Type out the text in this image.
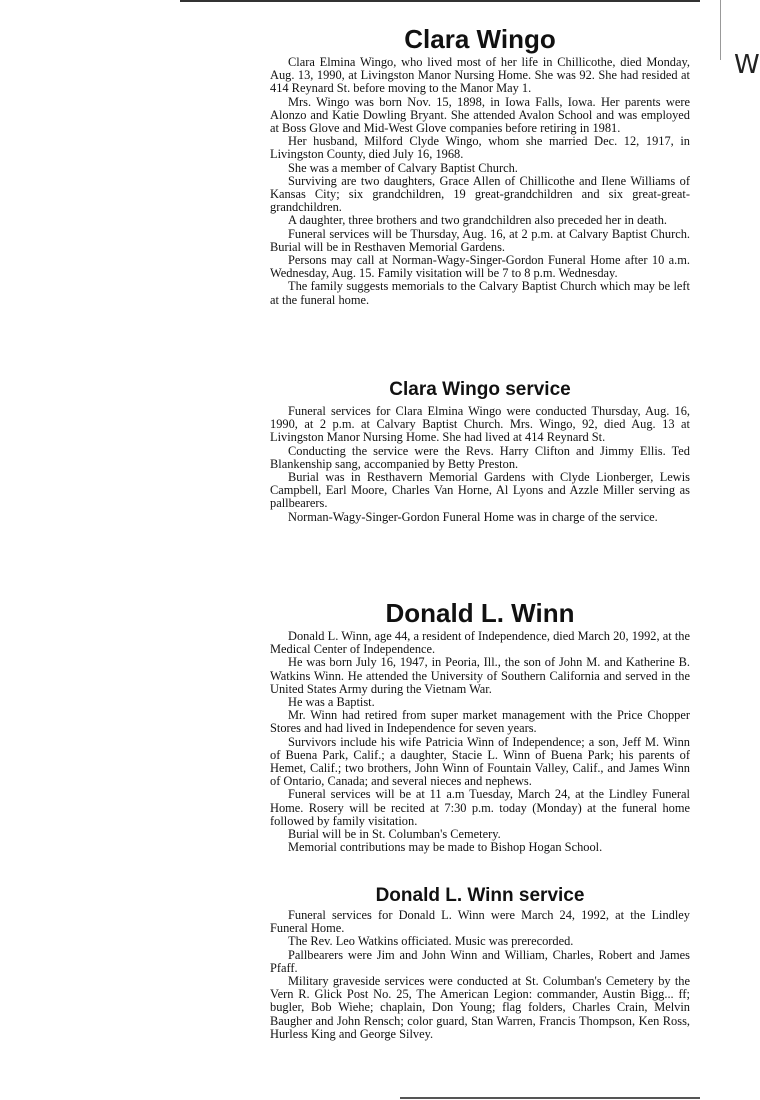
W
Clara Wingo

Clara Elmina Wingo, who lived most of her life in Chillicothe, died Monday, Aug. 13, 1990, at Livingston Manor Nursing Home. She was 92. She had resided at 414 Reynard St. before moving to the Manor May 1.

Mrs. Wingo was born Nov. 15, 1898, in Iowa Falls, Iowa. Her parents were Alonzo and Katie Dowling Bryant. She attended Avalon School and was employed at Boss Glove and Mid-West Glove companies before retiring in 1981.

Her husband, Milford Clyde Wingo, whom she married Dec. 12, 1917, in Livingston County, died July 16, 1968.

She was a member of Calvary Baptist Church.

Surviving are two daughters, Grace Allen of Chillicothe and Ilene Williams of Kansas City; six grandchildren, 19 great-grandchildren and six great-great-grandchildren.

A daughter, three brothers and two grandchildren also preceded her in death.

Funeral services will be Thursday, Aug. 16, at 2 p.m. at Calvary Baptist Church. Burial will be in Resthaven Memorial Gardens.

Persons may call at Norman-Wagy-Singer-Gordon Funeral Home after 10 a.m. Wednesday, Aug. 15. Family visitation will be 7 to 8 p.m. Wednesday.

The family suggests memorials to the Calvary Baptist Church which may be left at the funeral home.

Clara Wingo service

Funeral services for Clara Elmina Wingo were conducted Thursday, Aug. 16, 1990, at 2 p.m. at Calvary Baptist Church. Mrs. Wingo, 92, died Aug. 13 at Livingston Manor Nursing Home. She had lived at 414 Reynard St.

Conducting the service were the Revs. Harry Clifton and Jimmy Ellis. Ted Blankenship sang, accompanied by Betty Preston.

Burial was in Resthavern Memorial Gardens with Clyde Lionberger, Lewis Campbell, Earl Moore, Charles Van Horne, Al Lyons and Azzle Miller serving as pallbearers.

Norman-Wagy-Singer-Gordon Funeral Home was in charge of the service.

Donald L. Winn

Donald L. Winn, age 44, a resident of Independence, died March 20, 1992, at the Medical Center of Independence.

He was born July 16, 1947, in Peoria, Ill., the son of John M. and Katherine B. Watkins Winn. He attended the University of Southern California and served in the United States Army during the Vietnam War.

He was a Baptist.

Mr. Winn had retired from super market management with the Price Chopper Stores and had lived in Independence for seven years.

Survivors include his wife Patricia Winn of Independence; a son, Jeff M. Winn of Buena Park, Calif.; a daughter, Stacie L. Winn of Buena Park; his parents of Hemet, Calif.; two brothers, John Winn of Fountain Valley, Calif., and James Winn of Ontario, Canada; and several nieces and nephews.

Funeral services will be at 11 a.m Tuesday, March 24, at the Lindley Funeral Home. Rosery will be recited at 7:30 p.m. today (Monday) at the funeral home followed by family visitation.

Burial will be in St. Columban's Cemetery.

Memorial contributions may be made to Bishop Hogan School.

Donald L. Winn service

Funeral services for Donald L. Winn were March 24, 1992, at the Lindley Funeral Home.

The Rev. Leo Watkins officiated. Music was prerecorded.

Pallbearers were Jim and John Winn and William, Charles, Robert and James Pfaff.

Military graveside services were conducted at St. Columban's Cemetery by the Vern R. Glick Post No. 25, The American Legion: commander, Austin Bigg... ff; bugler, Bob Wiehe; chaplain, Don Young; flag folders, Charles Crain, Melvin Baugher and John Rensch; color guard, Stan Warren, Francis Thompson, Ken Ross, Hurless King and George Silvey.
